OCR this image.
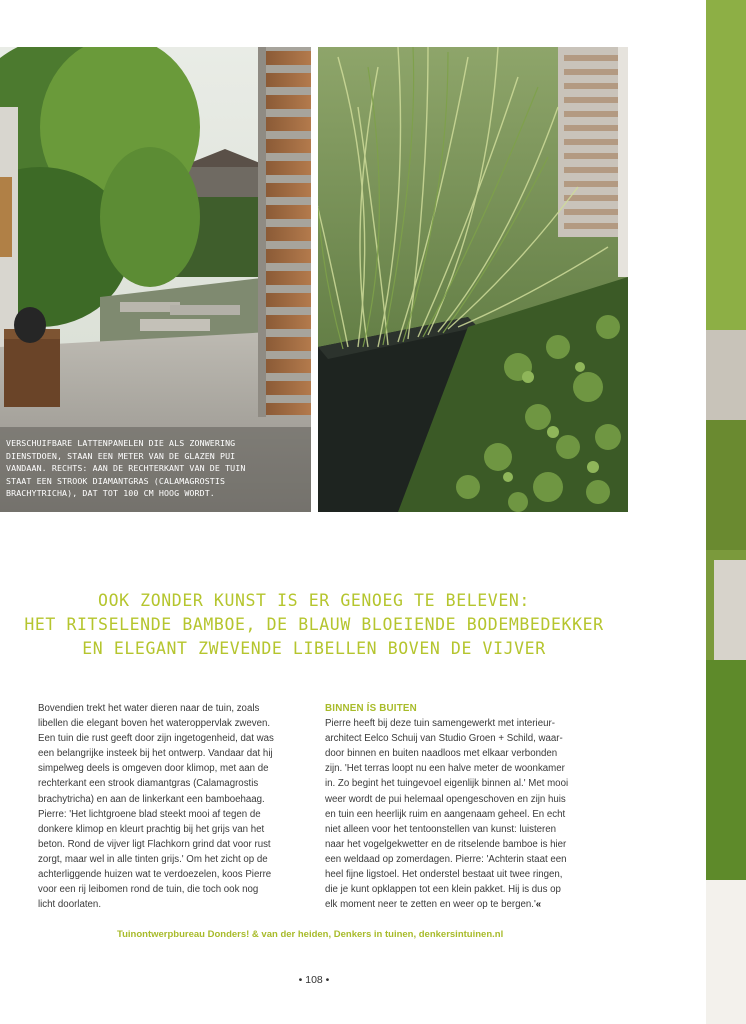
VERSCHUIFBARE LATTENPANELEN DIE ALS ZONWERING
DIENSTDOEN, STAAN EEN METER VAN DE GLAZEN PUI
VANDAAN. RECHTS: AAN DE RECHTERKANT VAN DE TUIN
STAAT EEN STROOK DIAMANTGRAS (CALAMAGROSTIS
BRACHYTRICHA), DAT TOT 100 CM HOOG WORDT.
OOK ZONDER KUNST IS ER GENOEG TE BELEVEN:
HET RITSELENDE BAMBOE, DE BLAUW BLOEIENDE BODEMBEDEKKER
EN ELEGANT ZWEVENDE LIBELLEN BOVEN DE VIJVER
Bovendien trekt het water dieren naar de tuin, zoals
libellen die elegant boven het wateroppervlak zweven.
Een tuin die rust geeft door zijn ingetogenheid, dat was
een belangrijke insteek bij het ontwerp. Vandaar dat hij
simpelweg deels is omgeven door klimop, met aan de
rechterkant een strook diamantgras (Calamagrostis
brachytricha) en aan de linkerkant een bamboehaag.
Pierre: 'Het lichtgroene blad steekt mooi af tegen de
donkere klimop en kleurt prachtig bij het grijs van het
beton. Rond de vijver ligt Flachkorn grind dat voor rust
zorgt, maar wel in alle tinten grijs.' Om het zicht op de
achterliggende huizen wat te verdoezelen, koos Pierre
voor een rij leibomen rond de tuin, die toch ook nog
licht doorlaten.
BINNEN ÍS BUITEN
Pierre heeft bij deze tuin samengewerkt met interieur-
architect Eelco Schuij van Studio Groen + Schild, waar-
door binnen en buiten naadloos met elkaar verbonden
zijn. 'Het terras loopt nu een halve meter de woonkamer
in. Zo begint het tuingevoel eigenlijk binnen al.' Met mooi
weer wordt de pui helemaal opengeschoven en zijn huis
en tuin een heerlijk ruim en aangenaam geheel. En echt
niet alleen voor het tentoonstellen van kunst: luisteren
naar het vogelgekwetter en de ritselende bamboe is hier
een weldaad op zomerdagen. Pierre: 'Achterin staat een
heel fijne ligstoel. Het onderstel bestaat uit twee ringen,
die je kunt opklappen tot een klein pakket. Hij is dus op
elk moment neer te zetten en weer op te bergen.'«
Tuinontwerpbureau Donders! & van der heiden, Denkers in tuinen, denkersintuinen.nl
• 108 •
